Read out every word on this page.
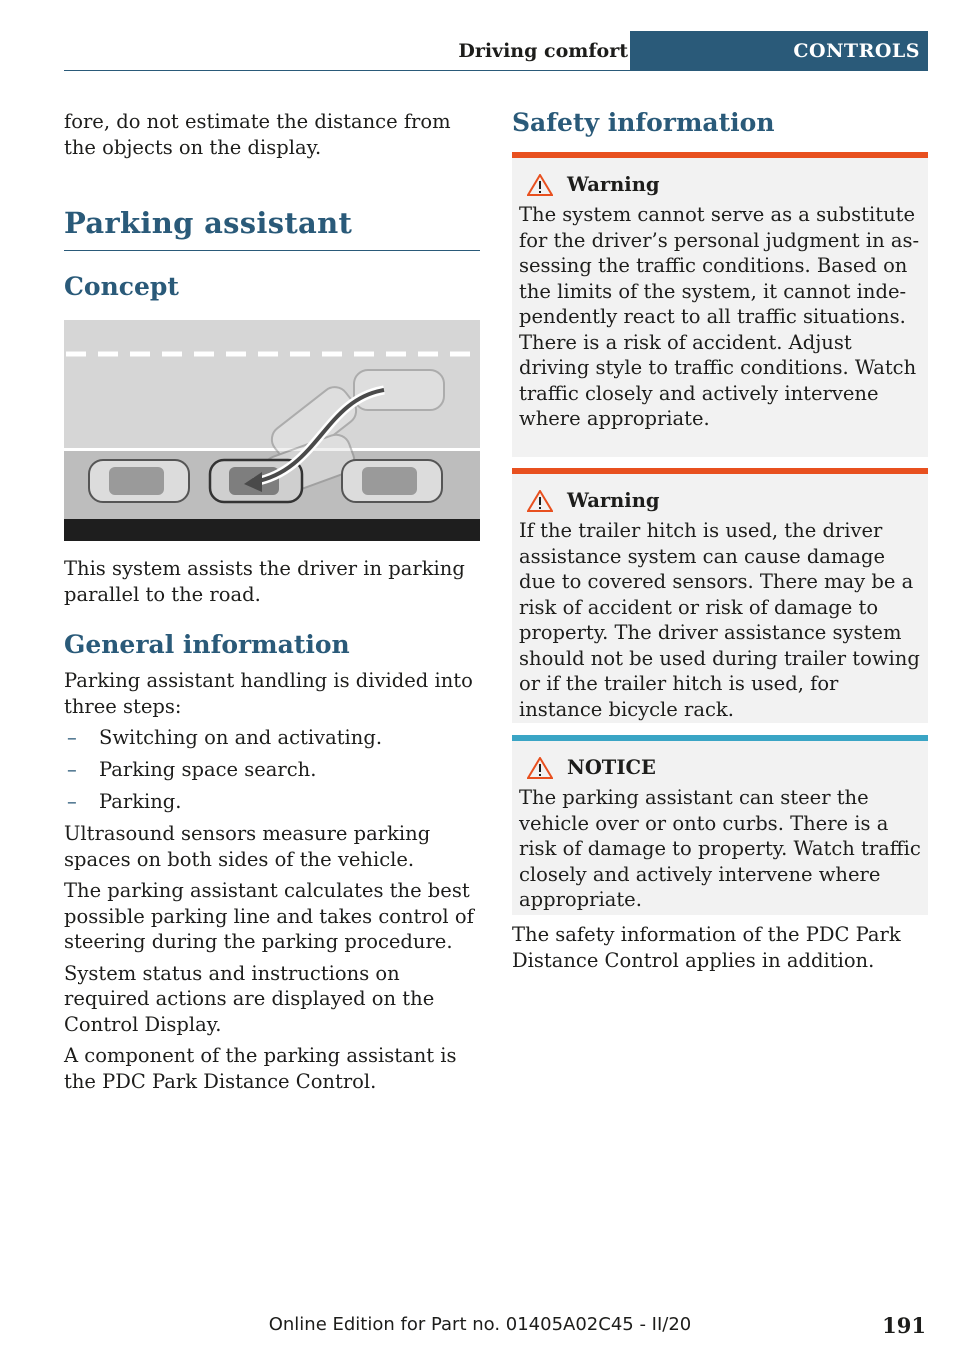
Driving comfort	CONTROLS

fore, do not estimate the distance from the objects on the display.

Parking assistant
Concept

This system assists the driver in parking parallel to the road.

General information

Parking assistant handling is divided into three steps:

– Switching on and activating.
– Parking space search.
– Parking.

Ultrasound sensors measure parking spaces on both sides of the vehicle.

The parking assistant calculates the best possible parking line and takes control of steering during the parking procedure.

System status and instructions on required actions are displayed on the Control Display.

A component of the parking assistant is the PDC Park Distance Control.

Safety information
Warning

The system cannot serve as a substitute for the driver’s personal judgment in assessing the traffic conditions. Based on the limits of the system, it cannot independently react to all traffic situations. There is a risk of accident. Adjust driving style to traffic conditions. Watch traffic closely and actively intervene where appropriate.

Warning

If the trailer hitch is used, the driver assistance system can cause damage due to covered sensors. There may be a risk of accident or risk of damage to property. The driver assistance system should not be used during trailer towing or if the trailer hitch is used, for instance bicycle rack.

NOTICE

The parking assistant can steer the vehicle over or onto curbs. There is a risk of damage to property. Watch traffic closely and actively intervene where appropriate.

The safety information of the PDC Park Distance Control applies in addition.

Online Edition for Part no. 01405A02C45 - II/20	191
